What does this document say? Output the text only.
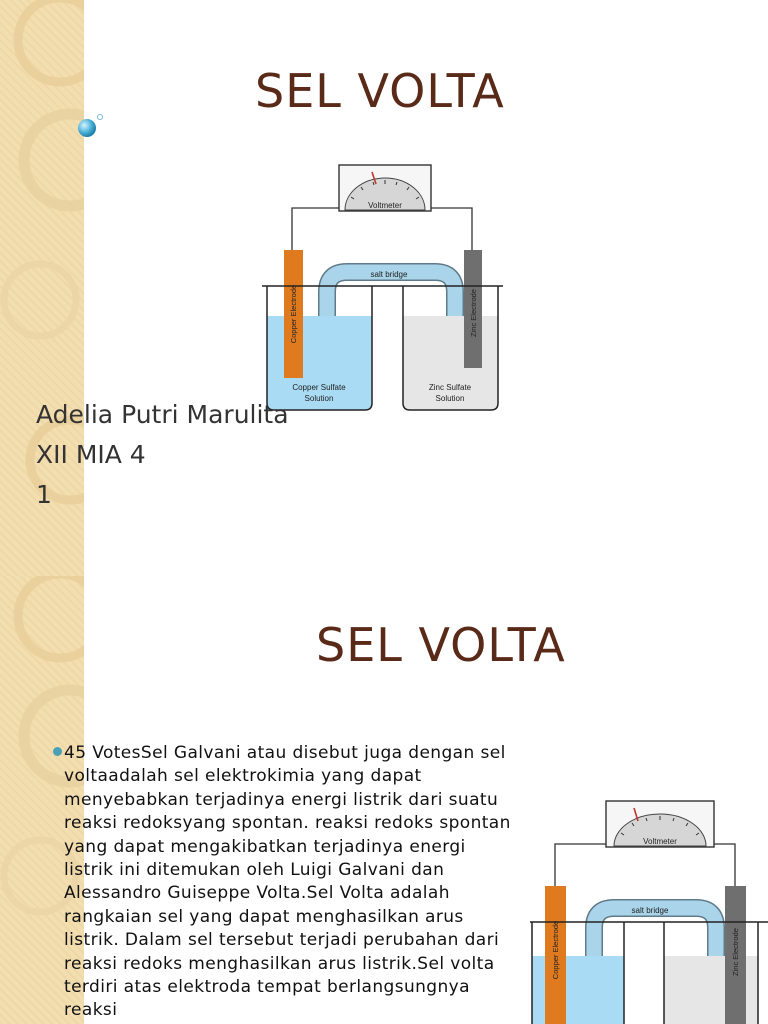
SEL VOLTA
Voltmeter
salt bridge
Copper Sulfate
Solution
Zinc Sulfate
Solution
Copper Electrode	Zinc Electrode

Adelia Putri Marulita

XII MIA 4

1

SEL VOLTA

45 VotesSel Galvani atau disebut juga dengan sel voltaadalah sel elektrokimia yang dapat menyebabkan terjadinya energi listrik dari suatu reaksi redoksyang spontan. reaksi redoks spontan yang dapat mengakibatkan terjadinya energi listrik ini ditemukan oleh Luigi Galvani dan Alessandro Guiseppe Volta.Sel Volta adalah rangkaian sel yang dapat menghasilkan arus listrik. Dalam sel tersebut terjadi perubahan dari reaksi redoks menghasilkan arus listrik.Sel volta terdiri atas elektroda tempat berlangsungnya reaksi

Voltmeter
salt bridge
Copper Electrode	Zinc Electrode
